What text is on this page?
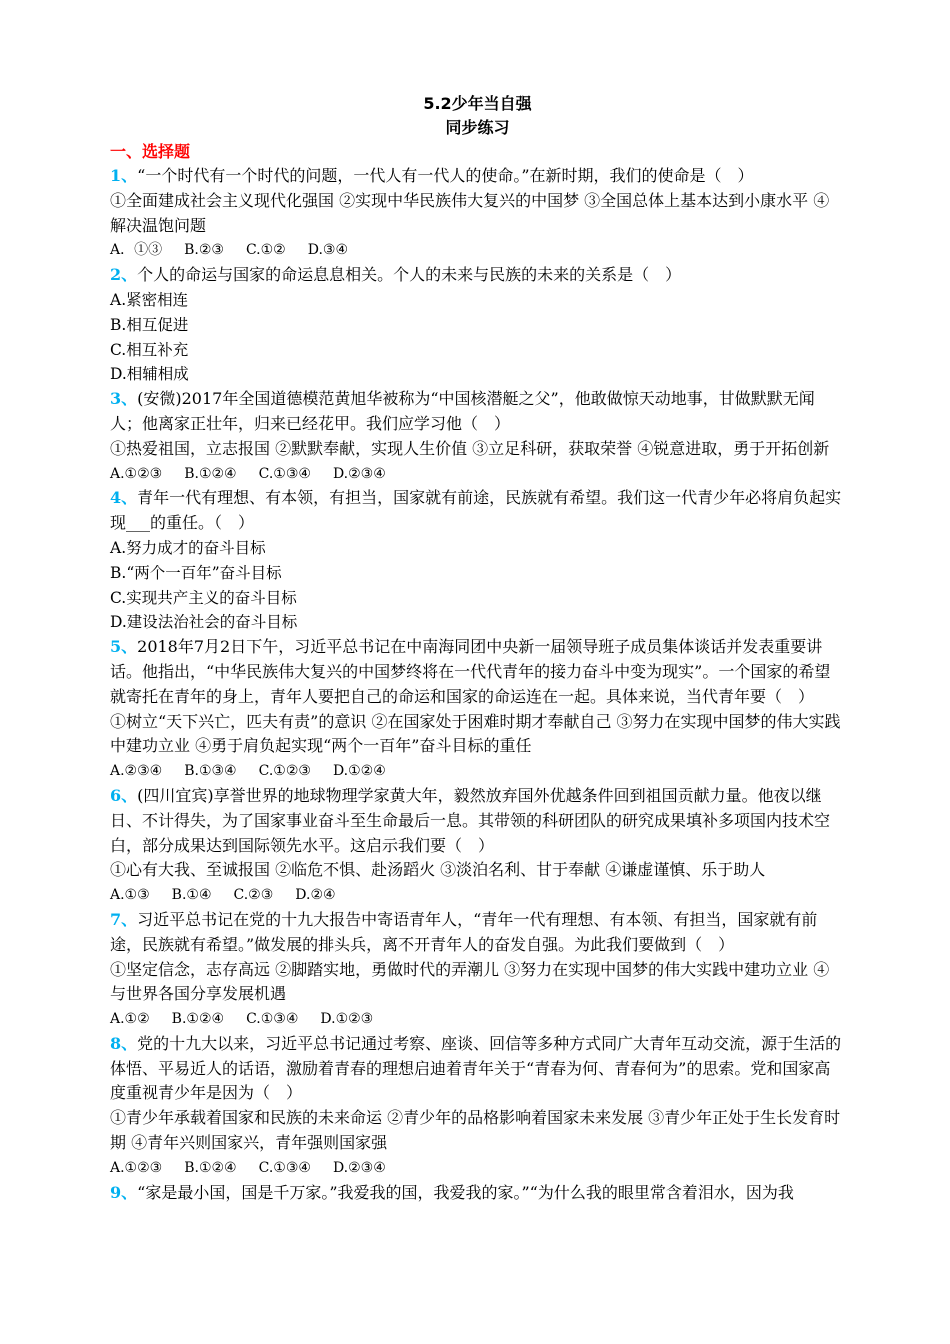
5.2少年当自强
同步练习
一、选择题

1、“一个时代有一个时代的问题，一代人有一代人的使命。”在新时期，我们的使命是（　）

①全面建成社会主义现代化强国 ②实现中华民族伟大复兴的中国梦 ③全国总体上基本达到小康水平 ④解决温饱问题

A．①③ B.②③ C.①② D.③④

2、个人的命运与国家的命运息息相关。个人的未来与民族的未来的关系是（　）

A.紧密相连

B.相互促进

C.相互补充

D.相辅相成

3、(安微)2017年全国道德模范黄旭华被称为“中国核潜艇之父”，他敢做惊天动地事，甘做默默无闻人；他离家正壮年，归来已经花甲。我们应学习他（　）

①热爱祖国，立志报国 ②默默奉献，实现人生价值 ③立足科研，获取荣誉 ④锐意进取，勇于开拓创新

A.①②③ B.①②④ C.①③④ D.②③④

4、青年一代有理想、有本领，有担当，国家就有前途，民族就有希望。我们这一代青少年必将肩负起实现___的重任。（　）

A.努力成才的奋斗目标

B.“两个一百年”奋斗目标

C.实现共产主义的奋斗目标

D.建设法治社会的奋斗目标

5、2018年7月2日下午，习近平总书记在中南海同团中央新一届领导班子成员集体谈话并发表重要讲话。他指出，“中华民族伟大复兴的中国梦终将在一代代青年的接力奋斗中变为现实”。一个国家的希望就寄托在青年的身上，青年人要把自己的命运和国家的命运连在一起。具体来说，当代青年要（　）

①树立“天下兴亡，匹夫有责”的意识 ②在国家处于困难时期才奉献自己 ③努力在实现中国梦的伟大实践中建功立业 ④勇于肩负起实现“两个一百年”奋斗目标的重任

A.②③④ B.①③④ C.①②③ D.①②④

6、(四川宜宾)享誉世界的地球物理学家黄大年，毅然放弃国外优越条件回到祖国贡献力量。他夜以继日、不计得失，为了国家事业奋斗至生命最后一息。其带领的科研团队的研究成果填补多项国内技术空白，部分成果达到国际领先水平。这启示我们要（　）

①心有大我、至诚报国 ②临危不惧、赴汤蹈火 ③淡泊名利、甘于奉献 ④谦虚谨慎、乐于助人

A.①③ B.①④ C.②③ D.②④

7、习近平总书记在党的十九大报告中寄语青年人，“青年一代有理想、有本领、有担当，国家就有前途，民族就有希望。”做发展的排头兵，离不开青年人的奋发自强。为此我们要做到（　）

①坚定信念，志存高远 ②脚踏实地，勇做时代的弄潮儿 ③努力在实现中国梦的伟大实践中建功立业 ④与世界各国分享发展机遇

A.①② B.①②④ C.①③④ D.①②③

8、党的十九大以来，习近平总书记通过考察、座谈、回信等多种方式同广大青年互动交流，源于生活的体悟、平易近人的话语，激励着青春的理想启迪着青年关于“青春为何、青春何为”的思索。党和国家高度重视青少年是因为（　）

①青少年承载着国家和民族的未来命运 ②青少年的品格影响着国家未来发展 ③青少年正处于生长发育时期 ④青年兴则国家兴，青年强则国家强

A.①②③ B.①②④ C.①③④ D.②③④

9、“家是最小国，国是千万家。”我爱我的国，我爱我的家。”“为什么我的眼里常含着泪水，因为我
